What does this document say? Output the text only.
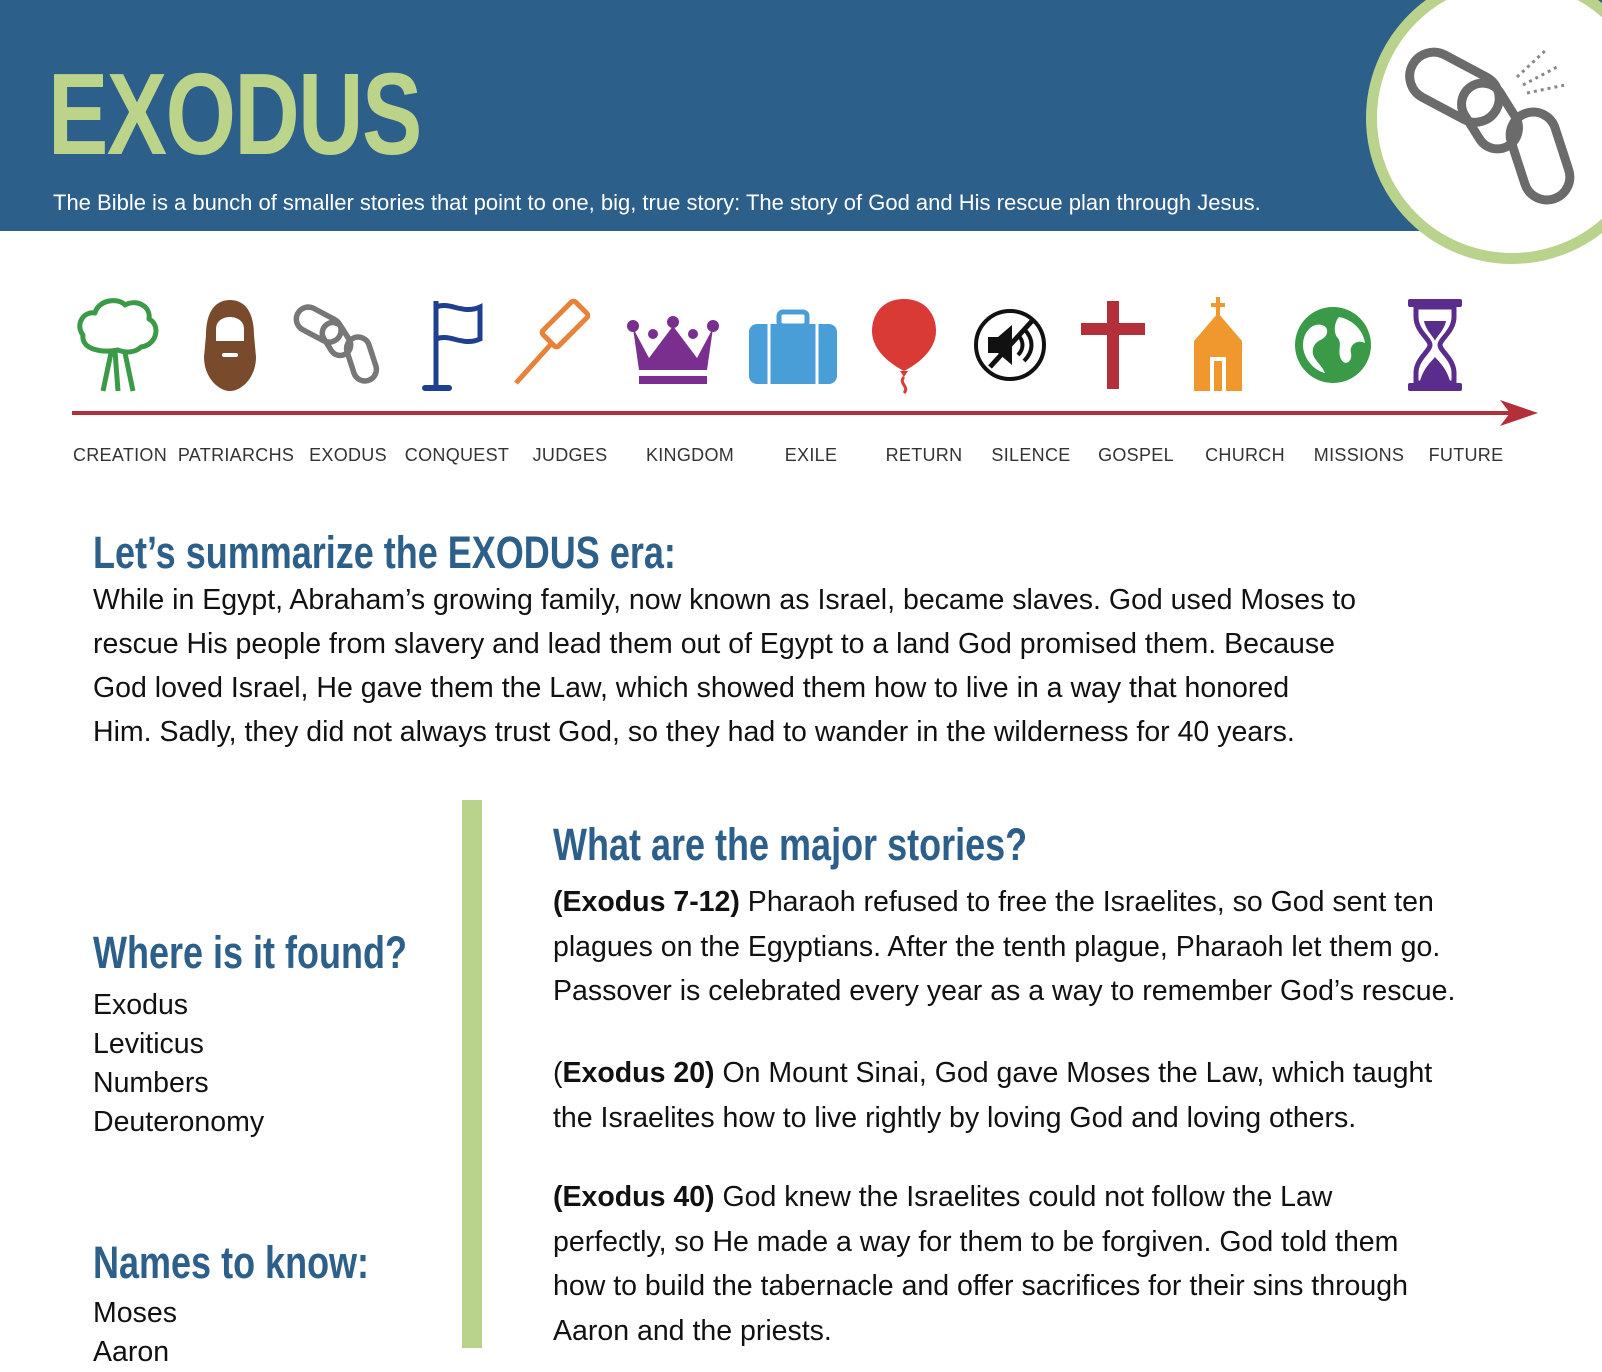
EXODUS
The Bible is a bunch of smaller stories that point to one, big, true story: The story of God and His rescue plan through Jesus.
CREATION PATRIARCHS EXODUS CONQUEST JUDGES KINGDOM	EXILE	RETURN SILENCE GOSPEL CHURCH MISSIONS FUTURE
Let’s summarize the EXODUS era:
While in Egypt, Abraham’s growing family, now known as Israel, became slaves. God used Moses to
rescue His people from slavery and lead them out of Egypt to a land God promised them. Because
God loved Israel, He gave them the Law, which showed them how to live in a way that honored
Him. Sadly, they did not always trust God, so they had to wander in the wilderness for 40 years.
Where is it found?
Exodus
Leviticus
Numbers
Deuteronomy
Names to know:
Moses
Aaron
What are the major stories?
(Exodus 7-12) Pharaoh refused to free the Israelites, so God sent ten
plagues on the Egyptians. After the tenth plague, Pharaoh let them go.
Passover is celebrated every year as a way to remember God’s rescue.
(Exodus 20) On Mount Sinai, God gave Moses the Law, which taught
the Israelites how to live rightly by loving God and loving others.
(Exodus 40) God knew the Israelites could not follow the Law
perfectly, so He made a way for them to be forgiven. God told them
how to build the tabernacle and offer sacrifices for their sins through
Aaron and the priests.
